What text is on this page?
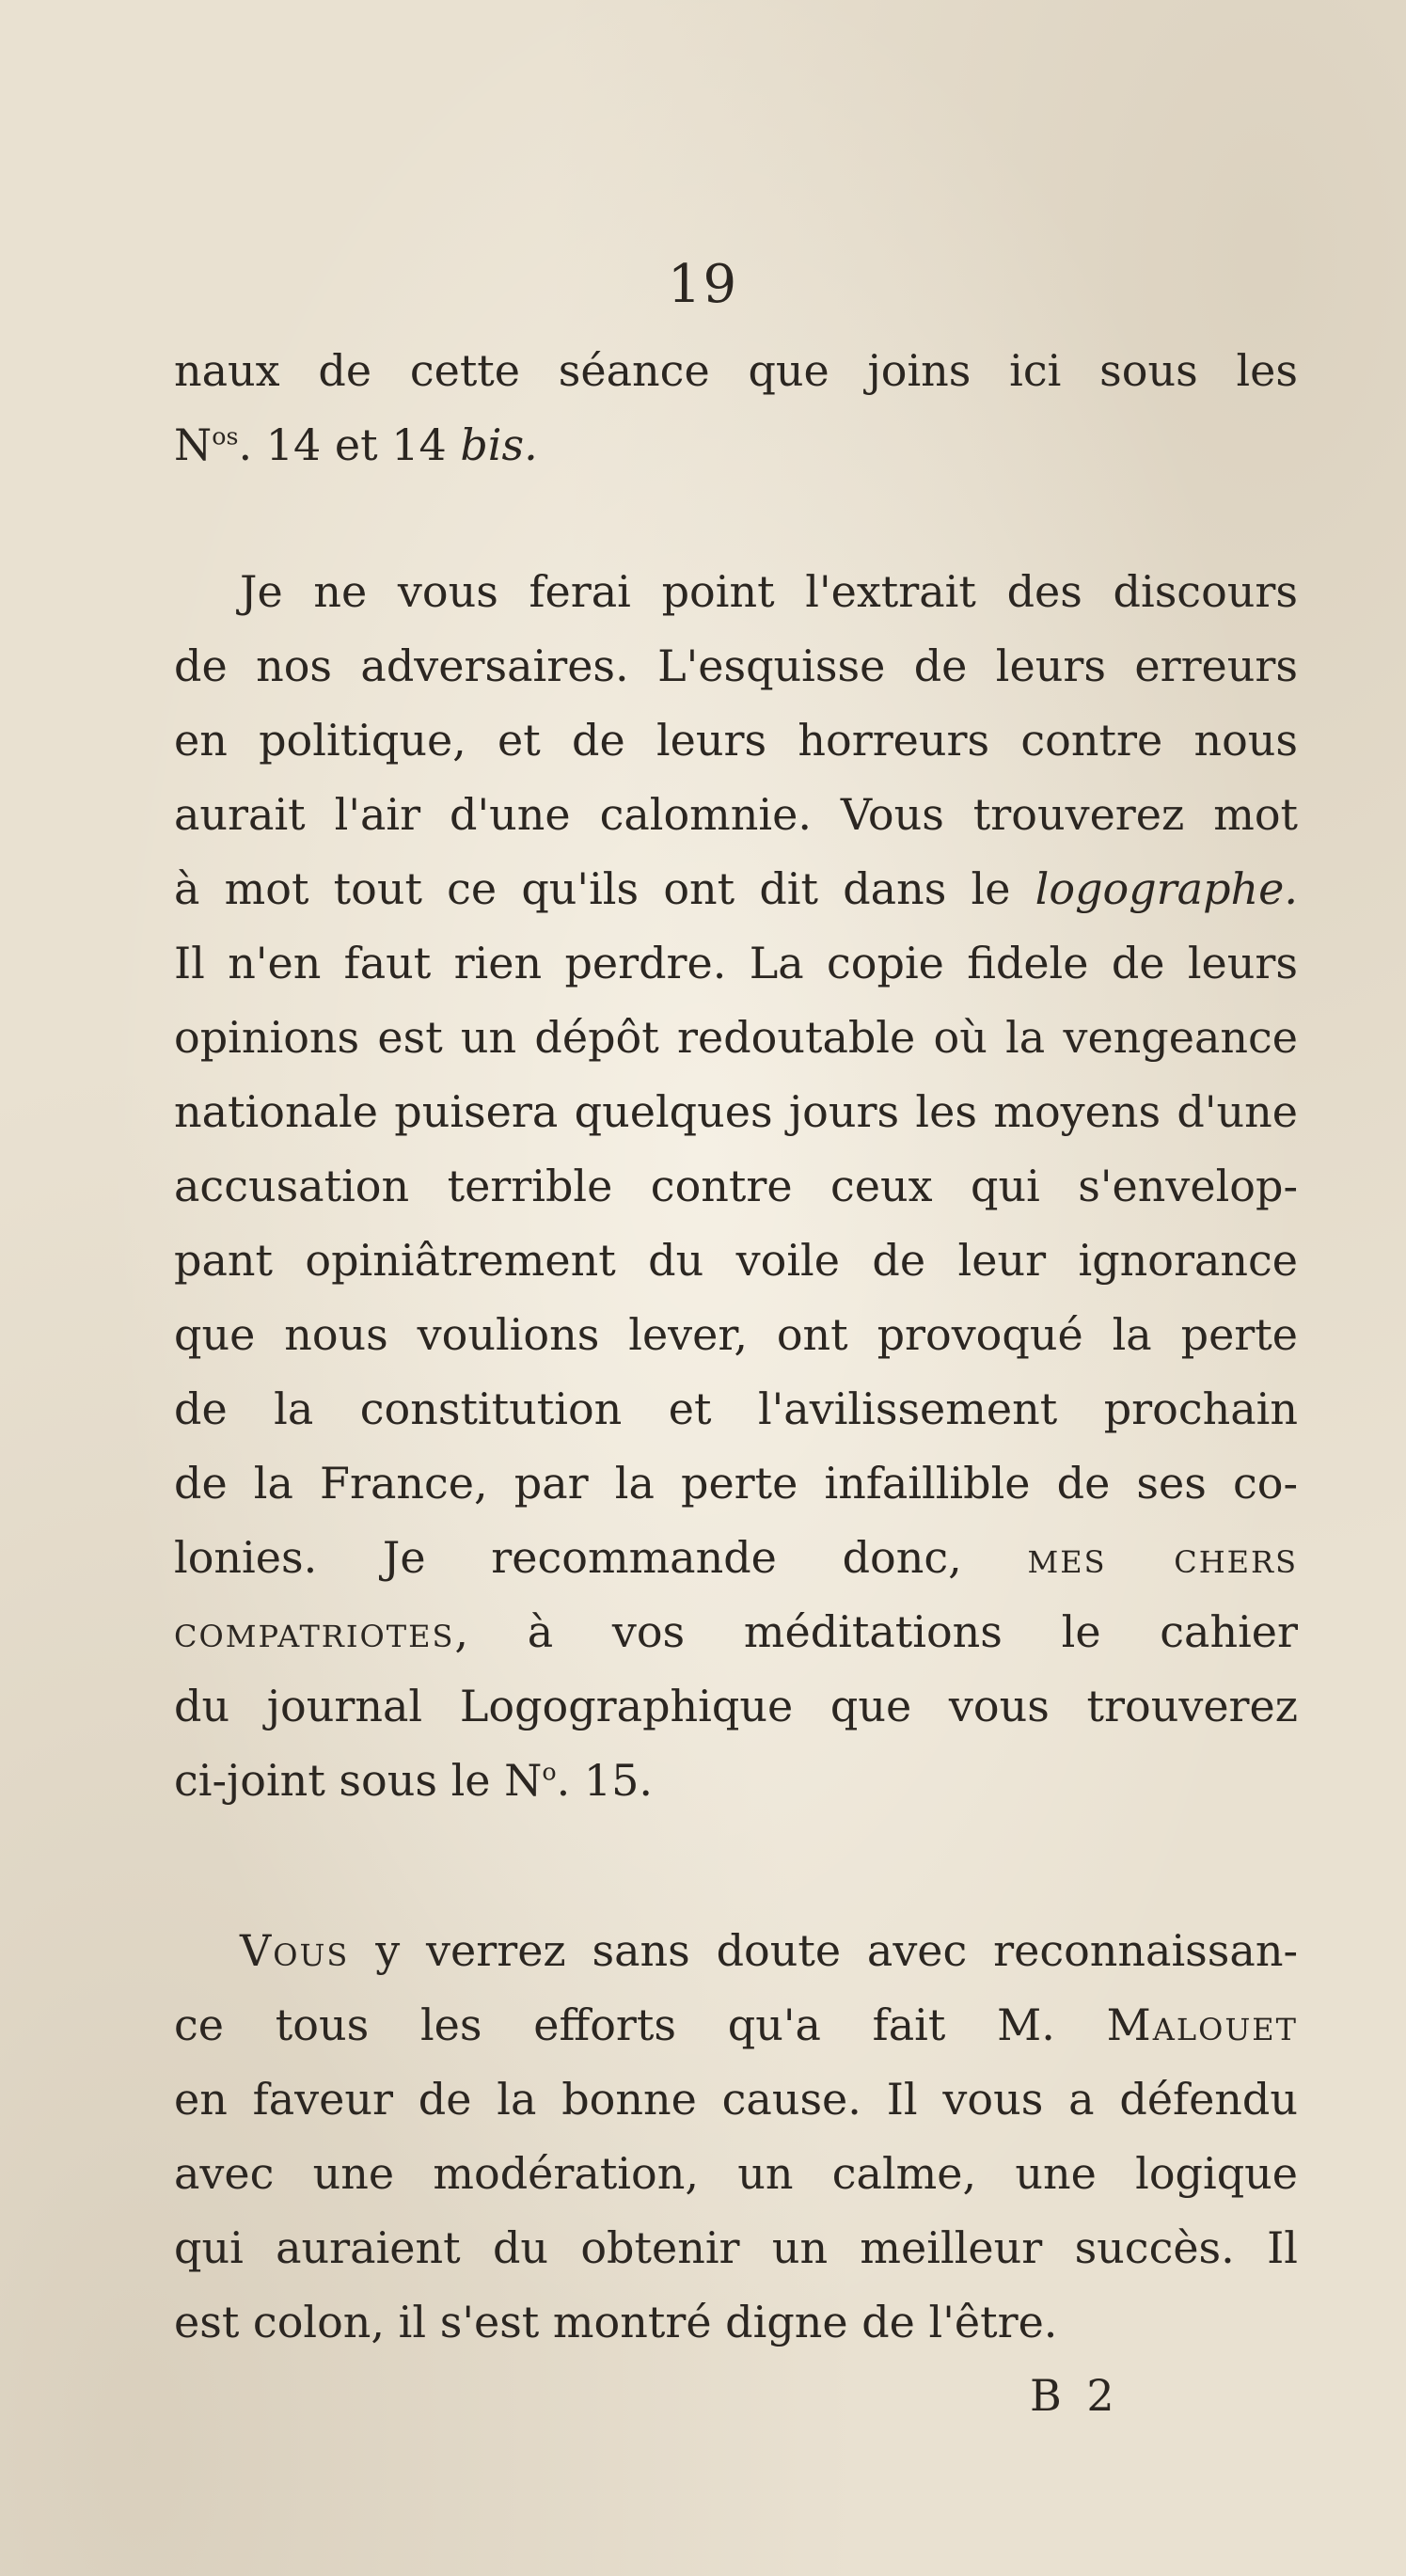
19
naux de cette séance que joins ici sous les
$N^{os}$. 14 et 14 bis.
Je ne vous ferai point l'extrait des discours
de nos adversaires. L'esquisse de leurs erreurs
en politique, et de leurs horreurs contre nous
aurait l'air d'une calomnie. Vous trouverez mot
à mot tout ce qu'ils ont dit dans le logographe.
Il n'en faut rien perdre. La copie fidele de leurs
opinions est un dépôt redoutable où la vengeance
nationale puisera quelques jours les moyens d'une
accusation terrible contre ceux qui s'envelop-
pant opiniâtrement du voile de leur ignorance
que nous voulions lever, ont provoqué la perte
de la constitution et l'avilissement prochain
de la France, par la perte infaillible de ses co-
lonies. Je recommande donc, mes chers
compatriotes, à vos méditations le cahier
du journal Logographique que vous trouverez
ci-joint sous le $N^o$. 15.
Vous y verrez sans doute avec reconnaissan-
ce tous les efforts qu'a fait M. Malouet
en faveur de la bonne cause. Il vous a défendu
avec une modération, un calme, une logique
qui auraient du obtenir un meilleur succès. Il
est colon, il s'est montré digne de l'être.
B 2
